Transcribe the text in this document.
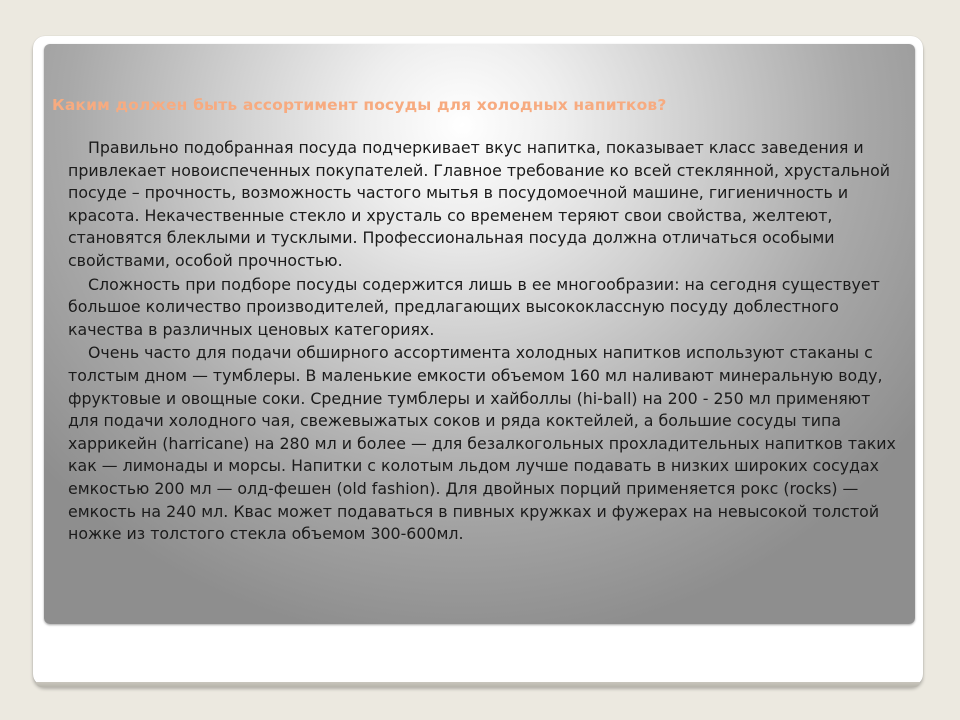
Каким должен быть ассортимент посуды для холодных напитков?

Правильно подобранная посуда подчеркивает вкус напитка, показывает класс заведения и привлекает новоиспеченных покупателей. Главное требование ко всей стеклянной, хрустальной посуде – прочность, возможность частого мытья в посудомоечной машине, гигиеничность и красота. Некачественные стекло и хрусталь со временем теряют свои свойства, желтеют, становятся блеклыми и тусклыми. Профессиональная посуда должна отличаться особыми свойствами, особой прочностью.

Сложность при подборе посуды содержится лишь в ее многообразии: на сегодня существует большое количество производителей, предлагающих высококлассную посуду доблестного качества в различных ценовых категориях.

Очень часто для подачи обширного ассортимента холодных напитков используют стаканы с толстым дном — тумблеры. В маленькие емкости объемом 160 мл наливают минеральную воду, фруктовые и овощные соки. Средние тумблеры и хайболлы (hi-ball) на 200 - 250 мл применяют для подачи холодного чая, свежевыжатых соков и ряда коктейлей, а большие сосуды типа харрикейн (harricane) на 280 мл и более — для безалкогольных прохладительных напитков таких как — лимонады и морсы. Напитки с колотым льдом лучше подавать в низких широких сосудах емкостью 200 мл — олд-фешен (old fashion). Для двойных порций применяется рокс (rocks) — емкость на 240 мл. Квас может подаваться в пивных кружках и фужерах на невысокой толстой ножке из толстого стекла объемом 300-600мл.
